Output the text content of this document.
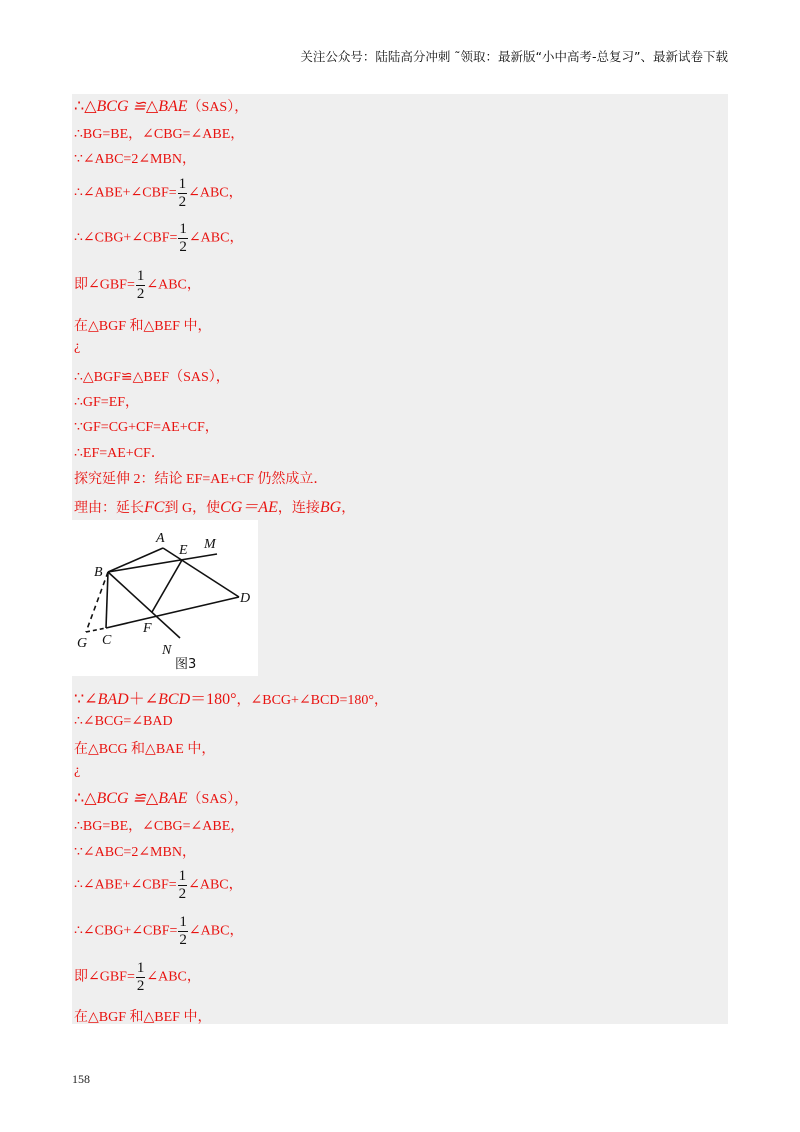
关注公众号：陆陆高分冲刺 ˜领取：最新版“小中高考-总复习”、最新试卷下载
∴△BCG ≌△BAE（SAS），
∴BG=BE，∠CBG=∠ABE，
∵∠ABC=2∠MBN，
∴∠ABE+∠CBF= $\frac{1}{2}$ ∠ABC，
∴∠CBG+∠CBF= $\frac{1}{2}$ ∠ABC，
即∠GBF= $\frac{1}{2}$ ∠ABC，
在△BGF 和△BEF 中，
¿
∴△BGF≌△BEF（SAS），
∴GF=EF，
∵GF=CG+CF=AE+CF，
∴EF=AE+CF．
探究延伸 2：结论 EF=AE+CF 仍然成立．
理由：延长FC到 G，使CG＝AE，连接BG，
A
B
C
D
E
F
G
M
N
图3
∵∠BAD＋∠BCD＝180°，∠BCG+∠BCD=180°，
∴∠BCG=∠BAD
在△BCG 和△BAE 中，
¿
∴△BCG ≌△BAE（SAS），
∴BG=BE，∠CBG=∠ABE，
∵∠ABC=2∠MBN，
∴∠ABE+∠CBF= $\frac{1}{2}$ ∠ABC，
∴∠CBG+∠CBF= $\frac{1}{2}$ ∠ABC，
即∠GBF= $\frac{1}{2}$ ∠ABC，
在△BGF 和△BEF 中，
158
